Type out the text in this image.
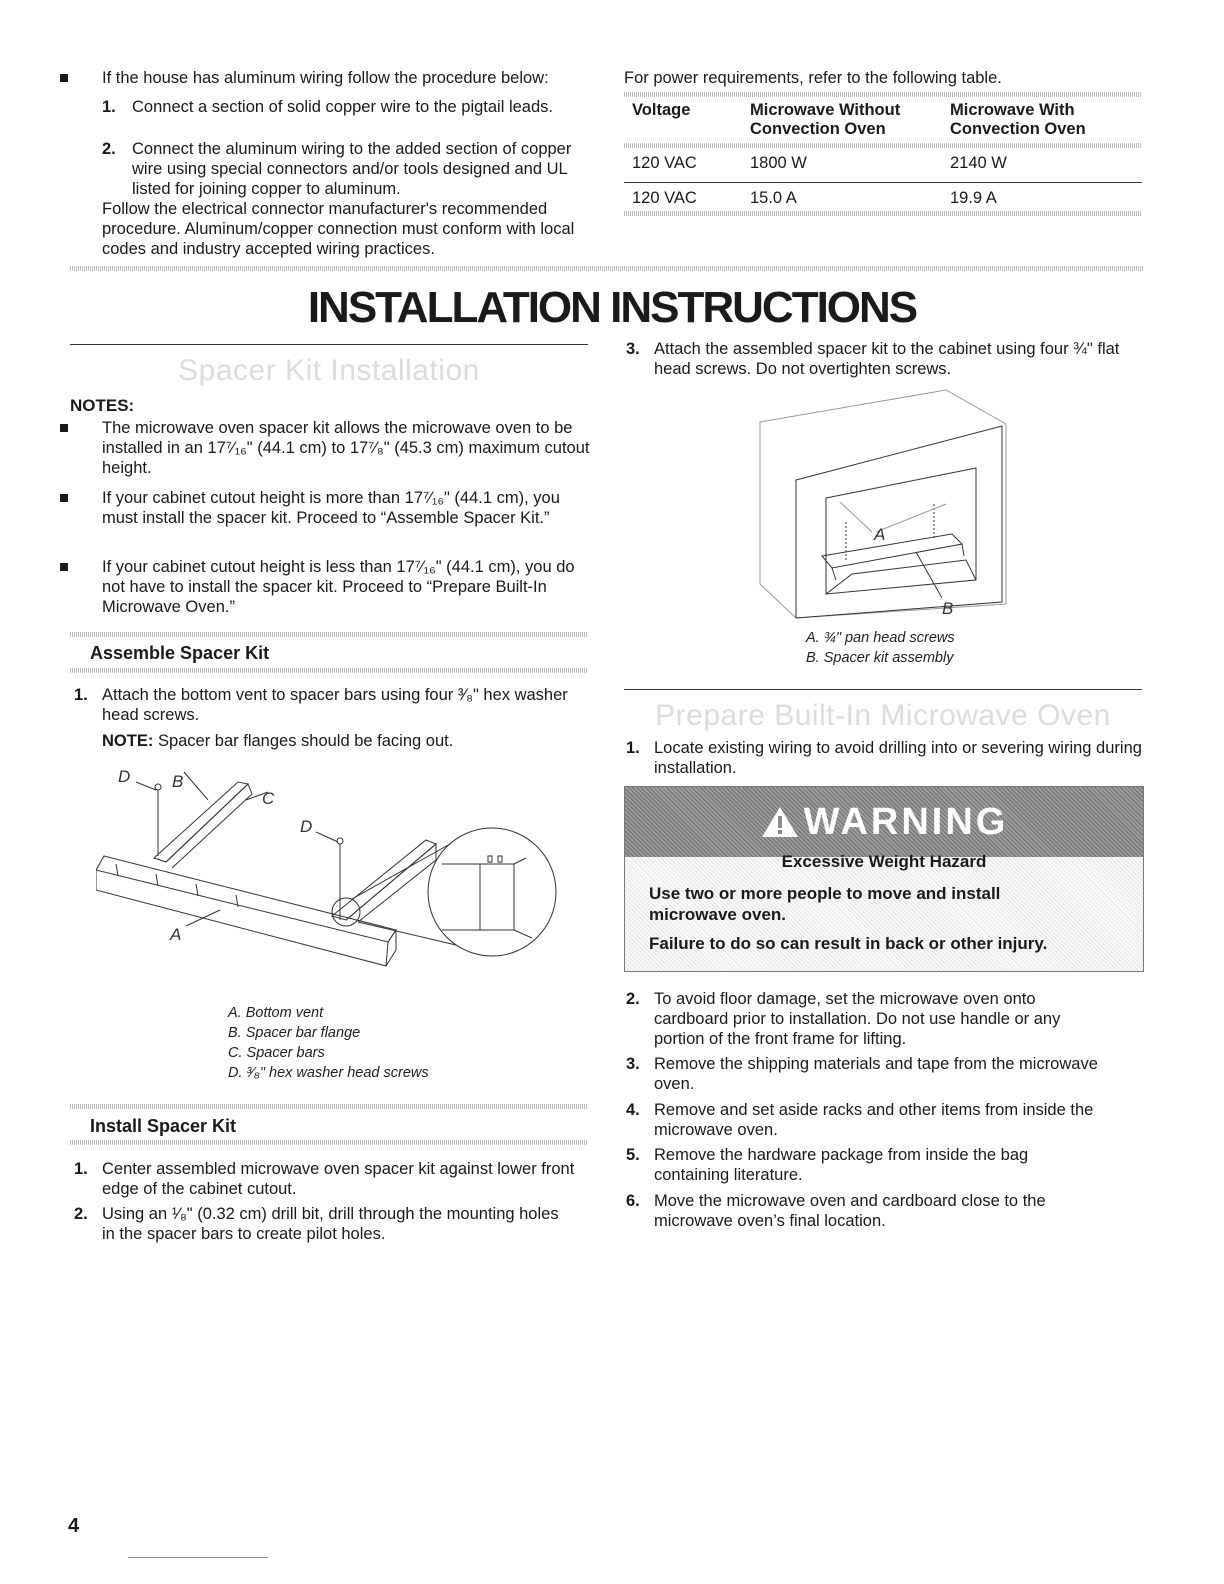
If the house has aluminum wiring follow the procedure below:

1. Connect a section of solid copper wire to the pigtail leads.

2. Connect the aluminum wiring to the added section of copper wire using special connectors and/or tools designed and UL listed for joining copper to aluminum.

Follow the electrical connector manufacturer's recommended procedure. Aluminum/copper connection must conform with local codes and industry accepted wiring practices.

For power requirements, refer to the following table.

Voltage	Microwave Without Convection Oven	Microwave With Convection Oven
120 VAC	1800 W	2140 W
120 VAC	15.0 A	19.9 A
INSTALLATION INSTRUCTIONS
Spacer Kit Installation
NOTES:

The microwave oven spacer kit allows the microwave oven to be installed in an 17⁷⁄₁₆" (44.1 cm) to 17⁷⁄₈" (45.3 cm) maximum cutout height.

If your cabinet cutout height is more than 17⁷⁄₁₆" (44.1 cm), you must install the spacer kit. Proceed to “Assemble Spacer Kit.”

If your cabinet cutout height is less than 17⁷⁄₁₆" (44.1 cm), you do not have to install the spacer kit. Proceed to “Prepare Built-In Microwave Oven.”

Assemble Spacer Kit
1. Attach the bottom vent to spacer bars using four ³⁄₈" hex washer head screws.

NOTE: Spacer bar flanges should be facing out.

D B
C
D
A
A. Bottom vent
B. Spacer bar flange
C. Spacer bars
D. ³⁄₈" hex washer head screws
Install Spacer Kit
1. Center assembled microwave oven spacer kit against lower front edge of the cabinet cutout.

2. Using an ¹⁄₈" (0.32 cm) drill bit, drill through the mounting holes in the spacer bars to create pilot holes.

3. Attach the assembled spacer kit to the cabinet using four ¾" flat head screws. Do not overtighten screws.

A
B
A. ¾" pan head screws
B. Spacer kit assembly
Prepare Built-In Microwave Oven
1. Locate existing wiring to avoid drilling into or severing wiring during installation.

WARNING
Excessive Weight Hazard
Use two or more people to move and install microwave oven.
Failure to do so can result in back or other injury.
2. To avoid floor damage, set the microwave oven onto cardboard prior to installation. Do not use handle or any portion of the front frame for lifting.

3. Remove the shipping materials and tape from the microwave oven.

4. Remove and set aside racks and other items from inside the microwave oven.

5. Remove the hardware package from inside the bag containing literature.

6. Move the microwave oven and cardboard close to the microwave oven’s final location.

4
